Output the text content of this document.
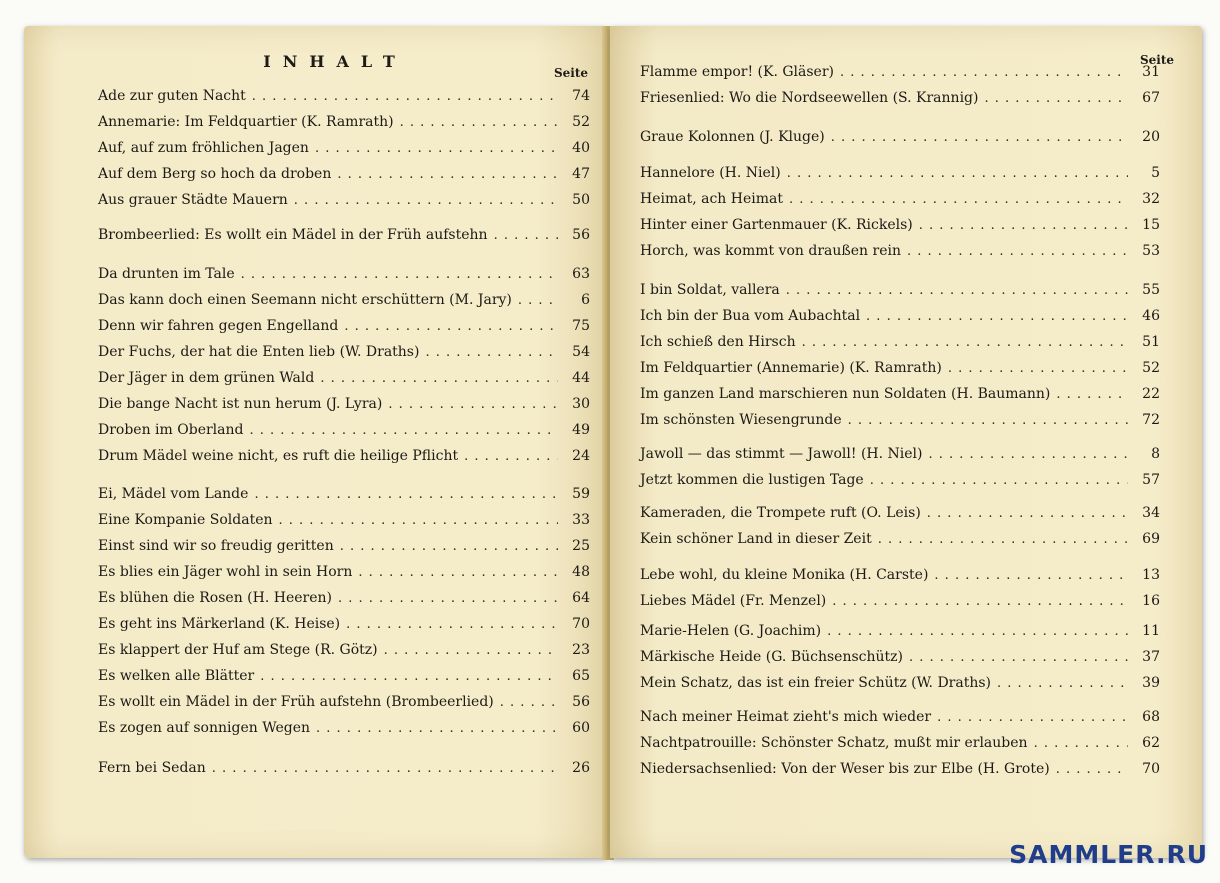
INHALT
Seite
Ade zur guten Nacht . . .	74
Annemarie: Im Feldquartier (K. Ramrath) . . .	52
Auf, auf zum fröhlichen Jagen . . .	40
Auf dem Berg so hoch da droben . . .	47
Aus grauer Städte Mauern . . .	50
Brombeerlied: Es wollt ein Mädel in der Früh aufstehn . . .	56
Da drunten im Tale . . .	63
Das kann doch einen Seemann nicht erschüttern (M. Jary) . . .	6
Denn wir fahren gegen Engelland . . .	75
Der Fuchs, der hat die Enten lieb (W. Draths) . . .	54
Der Jäger in dem grünen Wald . . .	44
Die bange Nacht ist nun herum (J. Lyra) . . .	30
Droben im Oberland . . .	49
Drum Mädel weine nicht, es ruft die heilige Pflicht . . .	24
Ei, Mädel vom Lande . . .	59
Eine Kompanie Soldaten . . .	33
Einst sind wir so freudig geritten . . .	25
Es blies ein Jäger wohl in sein Horn . . .	48
Es blühen die Rosen (H. Heeren) . . .	64
Es geht ins Märkerland (K. Heise) . . .	70
Es klappert der Huf am Stege (R. Götz) . . .	23
Es welken alle Blätter . . .	65
Es wollt ein Mädel in der Früh aufstehn (Brombeerlied) . . .	56
Es zogen auf sonnigen Wegen . . .	60
Fern bei Sedan . . .	26
Seite
Flamme empor! (K. Gläser) . . .	31
Friesenlied: Wo die Nordseewellen (S. Krannig) . . .	67
Graue Kolonnen (J. Kluge) . . .	20
Hannelore (H. Niel) . . .	5
Heimat, ach Heimat . . .	32
Hinter einer Gartenmauer (K. Rickels) . . .	15
Horch, was kommt von draußen rein . . .	53
I bin Soldat, vallera . . .	55
Ich bin der Bua vom Aubachtal . . .	46
Ich schieß den Hirsch . . .	51
Im Feldquartier (Annemarie) (K. Ramrath) . . .	52
Im ganzen Land marschieren nun Soldaten (H. Baumann) . . .	22
Im schönsten Wiesengrunde . . .	72
Jawoll — das stimmt — Jawoll! (H. Niel) . . .	8
Jetzt kommen die lustigen Tage . . .	57
Kameraden, die Trompete ruft (O. Leis) . . .	34
Kein schöner Land in dieser Zeit . . .	69
Lebe wohl, du kleine Monika (H. Carste) . . .	13
Liebes Mädel (Fr. Menzel) . . .	16
Marie-Helen (G. Joachim) . . .	11
Märkische Heide (G. Büchsenschütz) . . .	37
Mein Schatz, das ist ein freier Schütz (W. Draths) . . .	39
Nach meiner Heimat zieht's mich wieder . . .	68
Nachtpatrouille: Schönster Schatz, mußt mir erlauben . . .	62
Niedersachsenlied: Von der Weser bis zur Elbe (H. Grote) . . .	70
SAMMLER.RU
